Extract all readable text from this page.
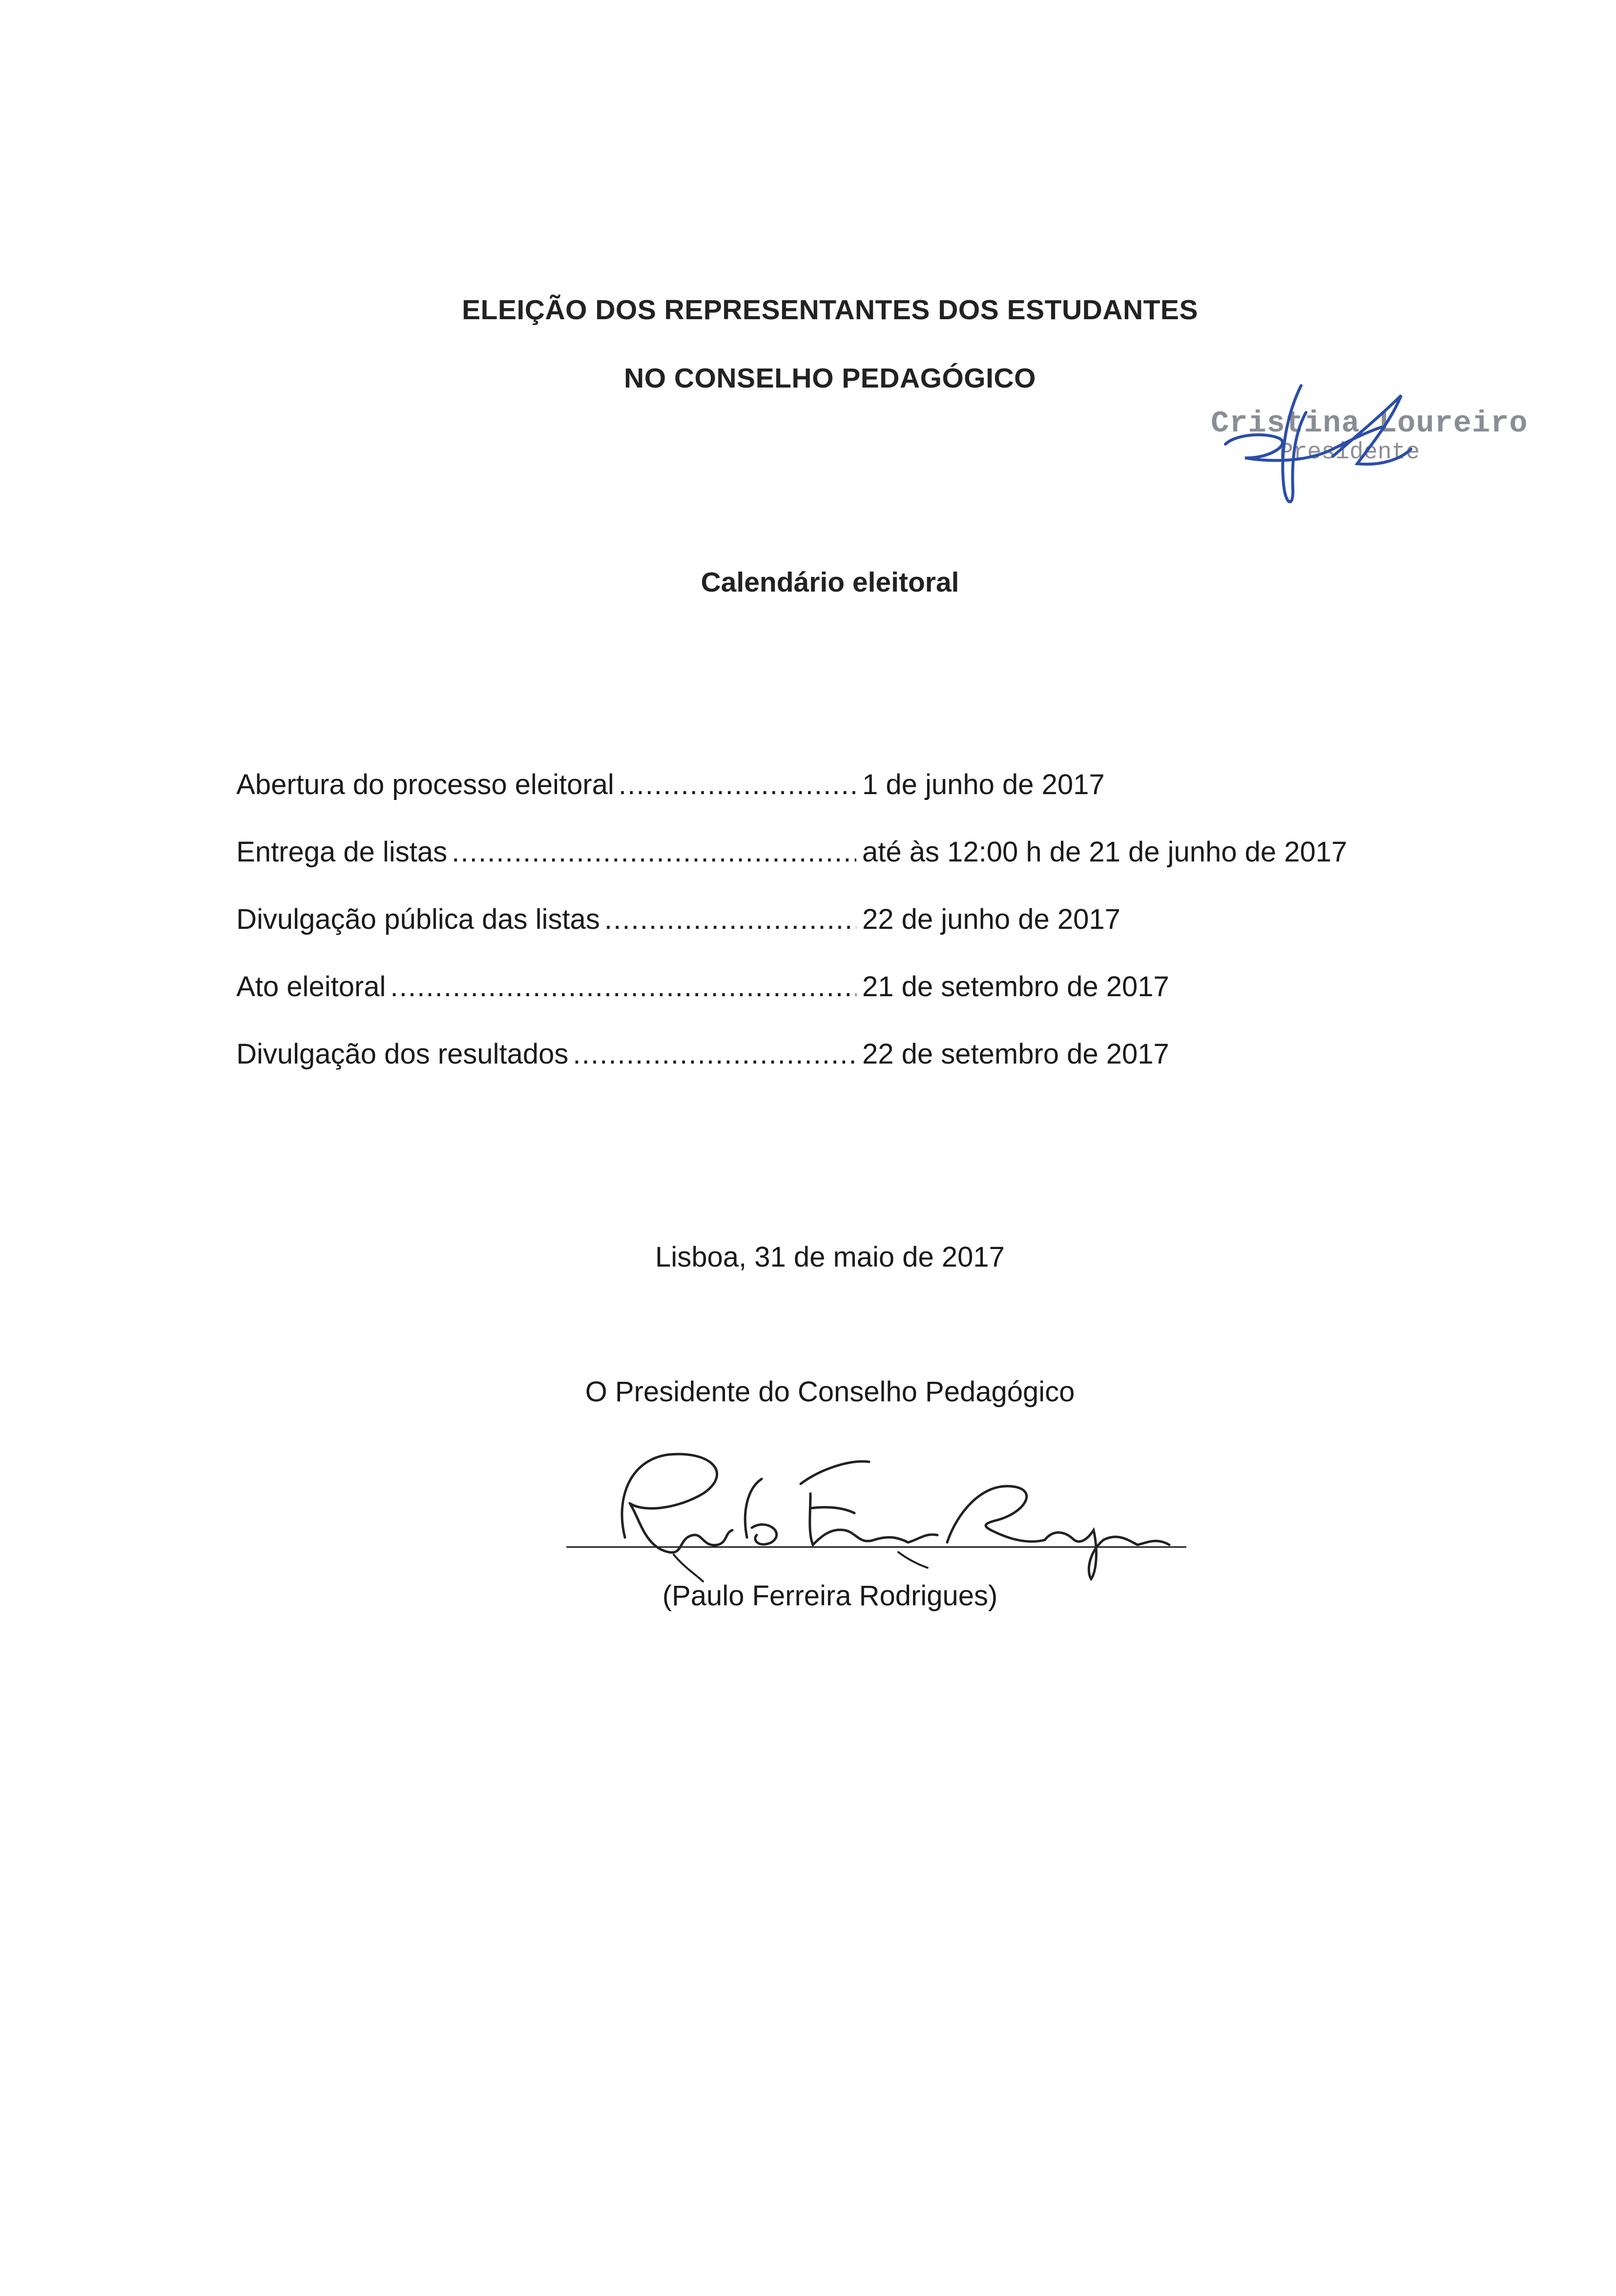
ELEIÇÃO DOS REPRESENTANTES DOS ESTUDANTES
NO CONSELHO PEDAGÓGICO
Cristina Loureiro
Presidente
Calendário eleitoral
Abertura do processo eleitoral . . .	1 de junho de 2017
Entrega de listas . . .	até às 12:00 h de 21 de junho de 2017
Divulgação pública das listas . . .	22 de junho de 2017
Ato eleitoral . . .	21 de setembro de 2017
Divulgação dos resultados . . .	22 de setembro de 2017
Lisboa, 31 de maio de 2017
O Presidente do Conselho Pedagógico
(Paulo Ferreira Rodrigues)
